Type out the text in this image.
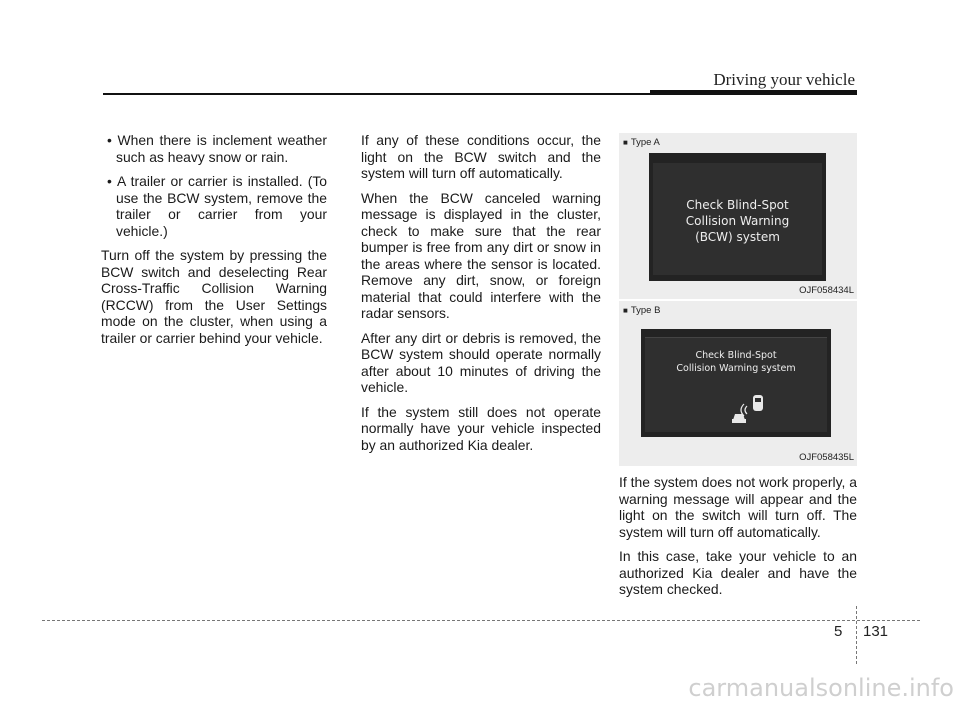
Driving your vehicle

• When there is inclement weather such as heavy snow or rain.

• A trailer or carrier is installed. (To use the BCW system, remove the trailer or carrier from your vehicle.)

Turn off the system by pressing the BCW switch and deselecting Rear Cross-Traffic Collision Warning (RCCW) from the User Settings mode on the cluster, when using a trailer or carrier behind your vehicle.

If any of these conditions occur, the light on the BCW switch and the system will turn off automatically.

When the BCW canceled warning message is displayed in the cluster, check to make sure that the rear bumper is free from any dirt or snow in the areas where the sensor is located. Remove any dirt, snow, or foreign material that could interfere with the radar sensors.

After any dirt or debris is removed, the BCW system should operate normally after about 10 minutes of driving the vehicle.

If the system still does not operate normally have your vehicle inspected by an authorized Kia dealer.

■ Type A
Check Blind-Spot
Collision Warning
(BCW) system
OJF058434L
■ Type B
Check Blind-Spot
Collision Warning system
OJF058435L

If the system does not work properly, a warning message will appear and the light on the switch will turn off. The system will turn off automatically.

In this case, take your vehicle to an authorized Kia dealer and have the system checked.

5 131
carmanualsonline.info
